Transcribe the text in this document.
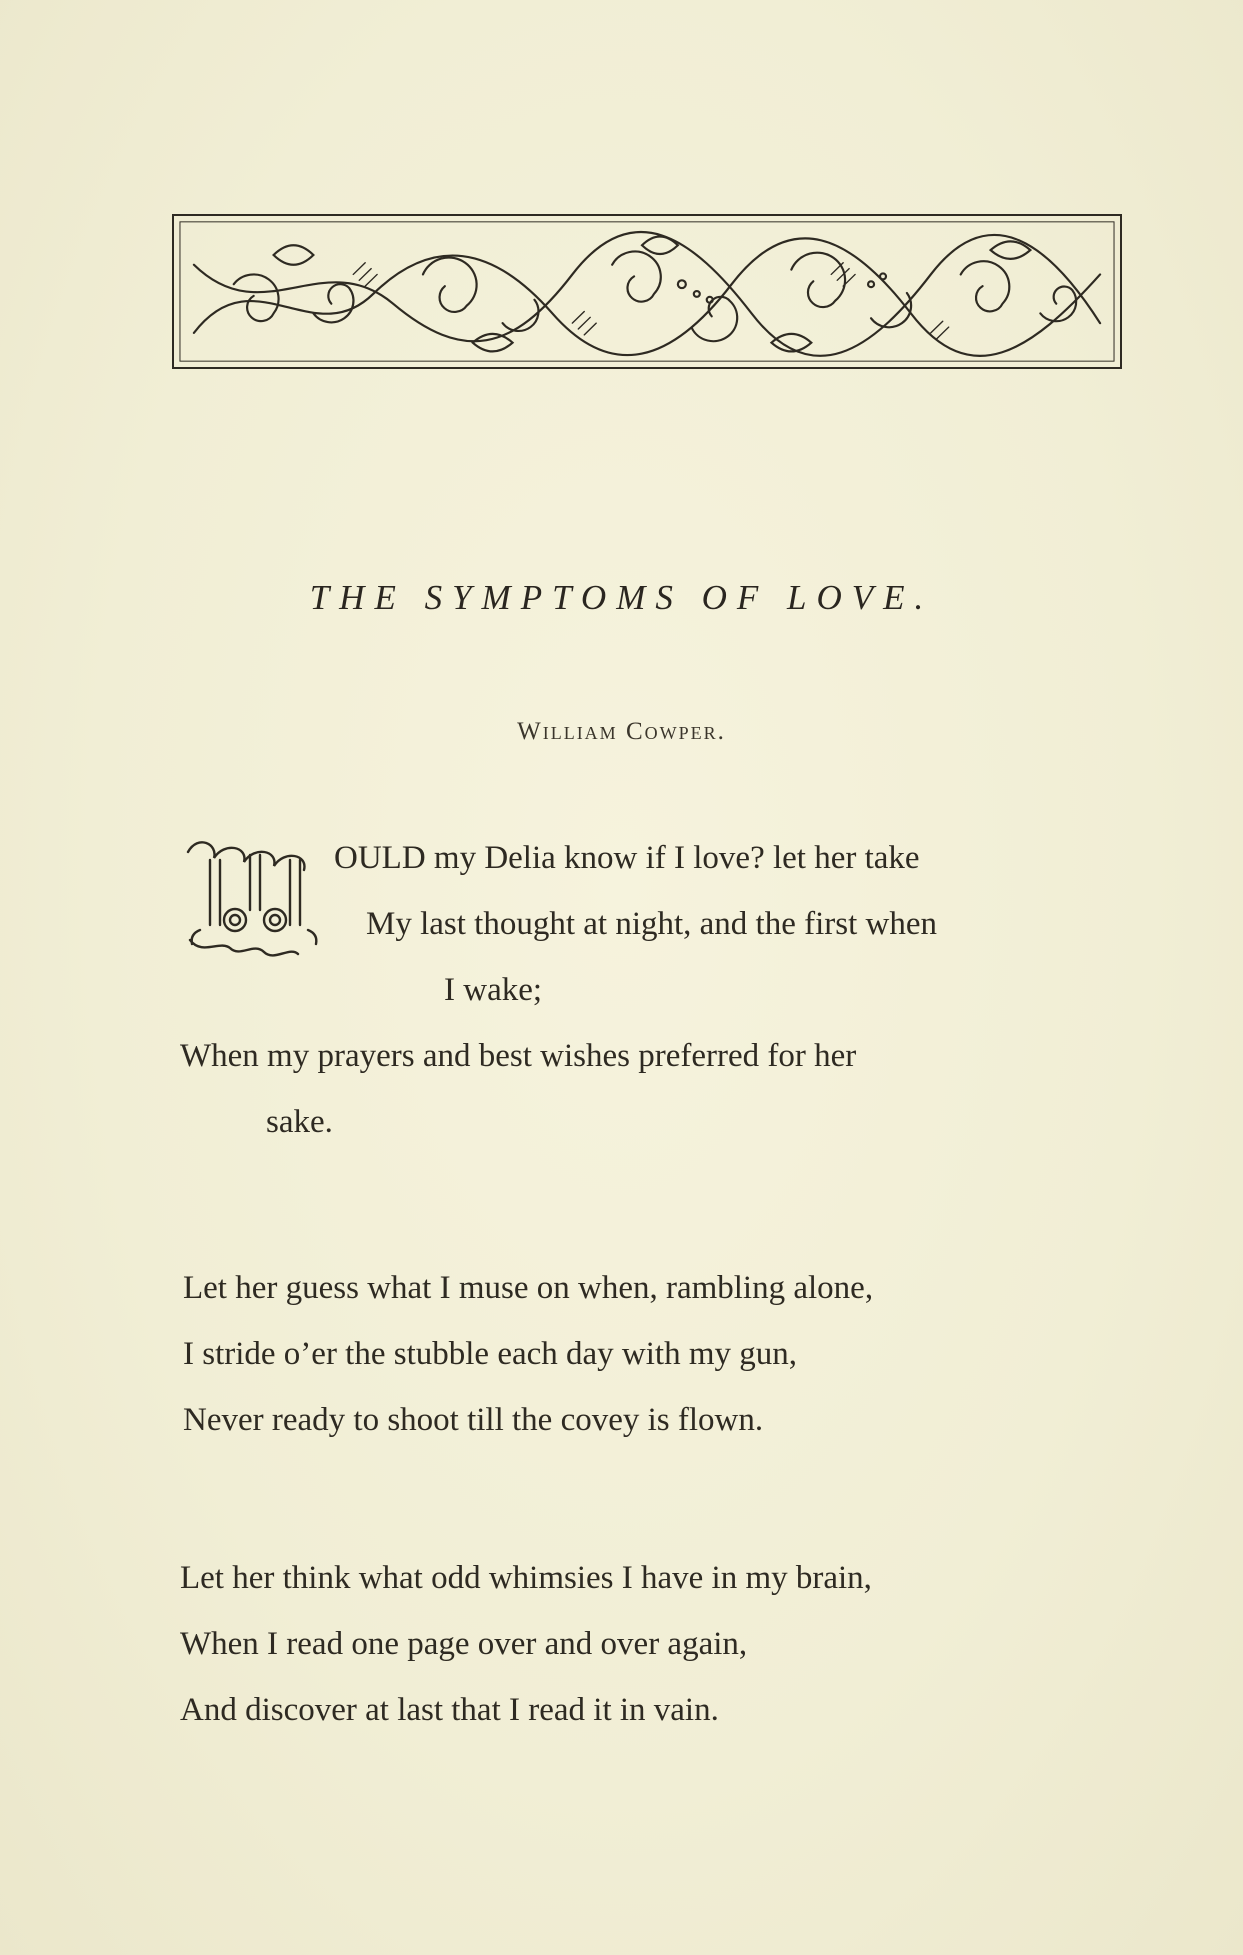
THE SYMPTOMS OF LOVE.
William Cowper.
OULD my Delia know if I love? let her take
My last thought at night, and the first when
I wake;
When my prayers and best wishes preferred for her
sake.
Let her guess what I muse on when, rambling alone,
I stride o’er the stubble each day with my gun,
Never ready to shoot till the covey is flown.
Let her think what odd whimsies I have in my brain,
When I read one page over and over again,
And discover at last that I read it in vain.
